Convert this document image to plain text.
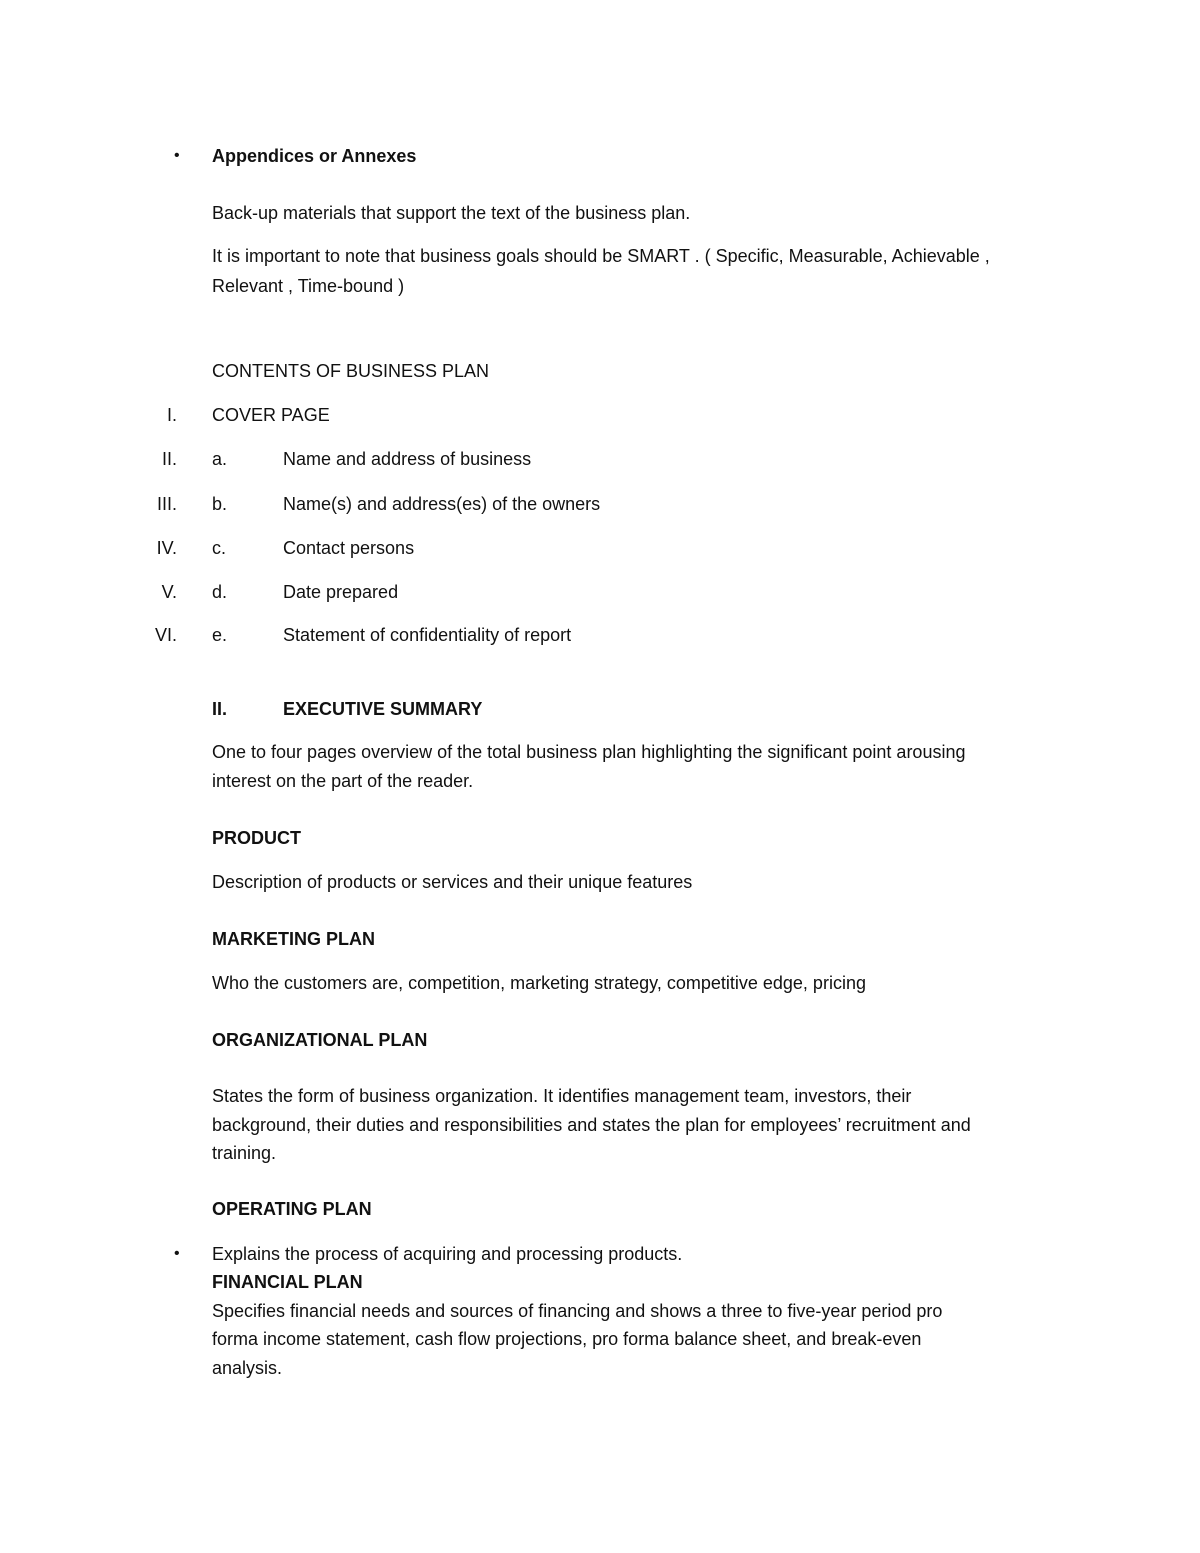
• Appendices or Annexes
Back-up materials that support the text of the business plan.
It is important to note that business goals should be SMART . ( Specific, Measurable, Achievable ,
Relevant , Time-bound )
CONTENTS OF BUSINESS PLAN
I. COVER PAGE
II. a.	Name and address of business
III. b.	Name(s) and address(es) of the owners
IV. c.	Contact persons
V. d.	Date prepared
VI. e.	Statement of confidentiality of report
II.	EXECUTIVE SUMMARY
One to four pages overview of the total business plan highlighting the significant point arousing
interest on the part of the reader.
PRODUCT
Description of products or services and their unique features
MARKETING PLAN
Who the customers are, competition, marketing strategy, competitive edge, pricing
ORGANIZATIONAL PLAN
States the form of business organization. It identifies management team, investors, their
background, their duties and responsibilities and states the plan for employees’ recruitment and
training.
OPERATING PLAN
• Explains the process of acquiring and processing products.
FINANCIAL PLAN
Specifies financial needs and sources of financing and shows a three to five-year period pro
forma income statement, cash flow projections, pro forma balance sheet, and break-even
analysis.
